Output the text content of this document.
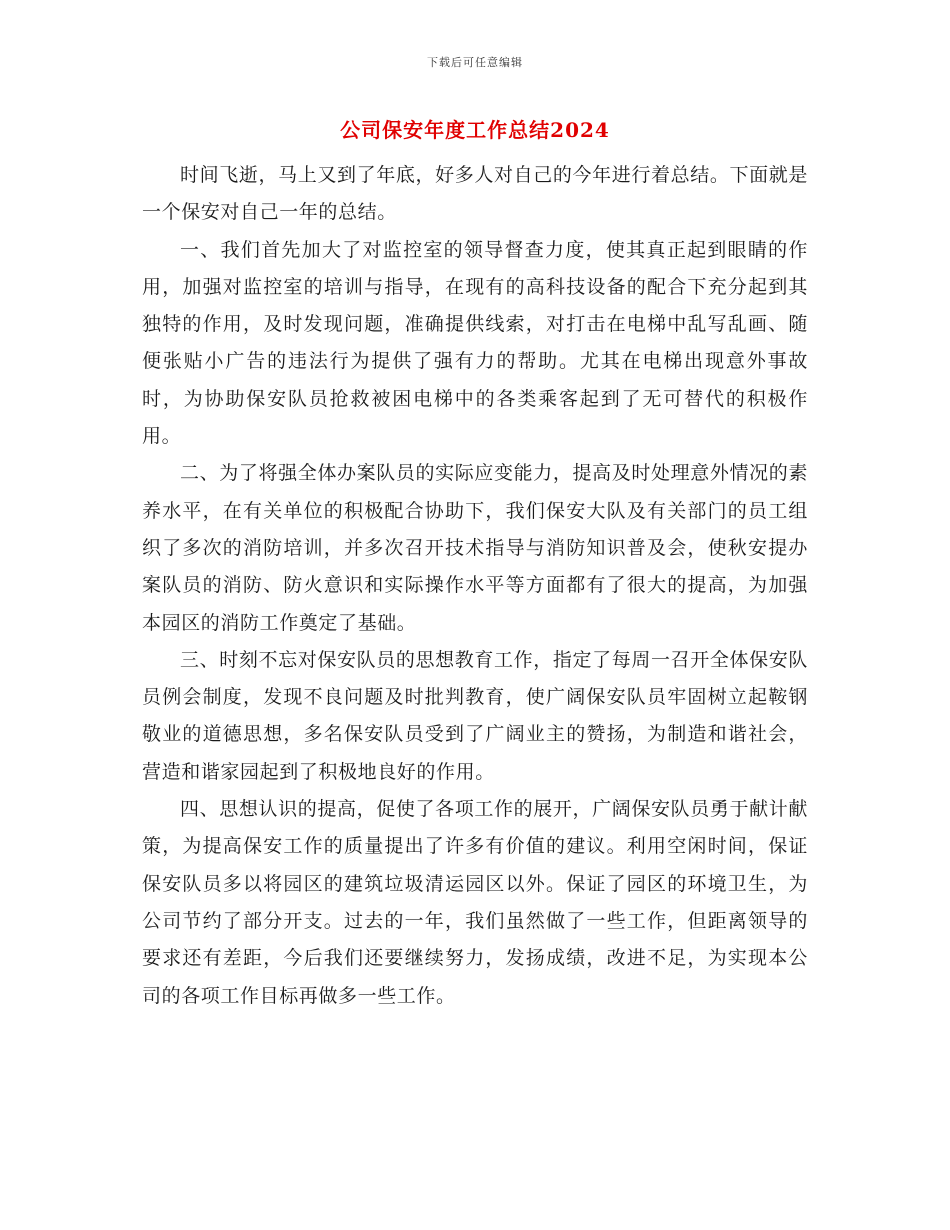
下载后可任意编辑
公司保安年度工作总结2024

时间飞逝，马上又到了年底，好多人对自己的今年进行着总结。下面就是一个保安对自己一年的总结。

一、我们首先加大了对监控室的领导督查力度，使其真正起到眼睛的作用，加强对监控室的培训与指导，在现有的高科技设备的配合下充分起到其独特的作用，及时发现问题，准确提供线索，对打击在电梯中乱写乱画、随便张贴小广告的违法行为提供了强有力的帮助。尤其在电梯出现意外事故时，为协助保安队员抢救被困电梯中的各类乘客起到了无可替代的积极作用。

二、为了将强全体办案队员的实际应变能力，提高及时处理意外情况的素养水平，在有关单位的积极配合协助下，我们保安大队及有关部门的员工组织了多次的消防培训，并多次召开技术指导与消防知识普及会，使秋安提办案队员的消防、防火意识和实际操作水平等方面都有了很大的提高，为加强本园区的消防工作奠定了基础。

三、时刻不忘对保安队员的思想教育工作，指定了每周一召开全体保安队员例会制度，发现不良问题及时批判教育，使广阔保安队员牢固树立起鞍钢敬业的道德思想，多名保安队员受到了广阔业主的赞扬，为制造和谐社会，营造和谐家园起到了积极地良好的作用。

四、思想认识的提高，促使了各项工作的展开，广阔保安队员勇于献计献策，为提高保安工作的质量提出了许多有价值的建议。利用空闲时间，保证保安队员多以将园区的建筑垃圾清运园区以外。保证了园区的环境卫生，为公司节约了部分开支。过去的一年，我们虽然做了一些工作，但距离领导的要求还有差距，今后我们还要继续努力，发扬成绩，改进不足，为实现本公司的各项工作目标再做多一些工作。
